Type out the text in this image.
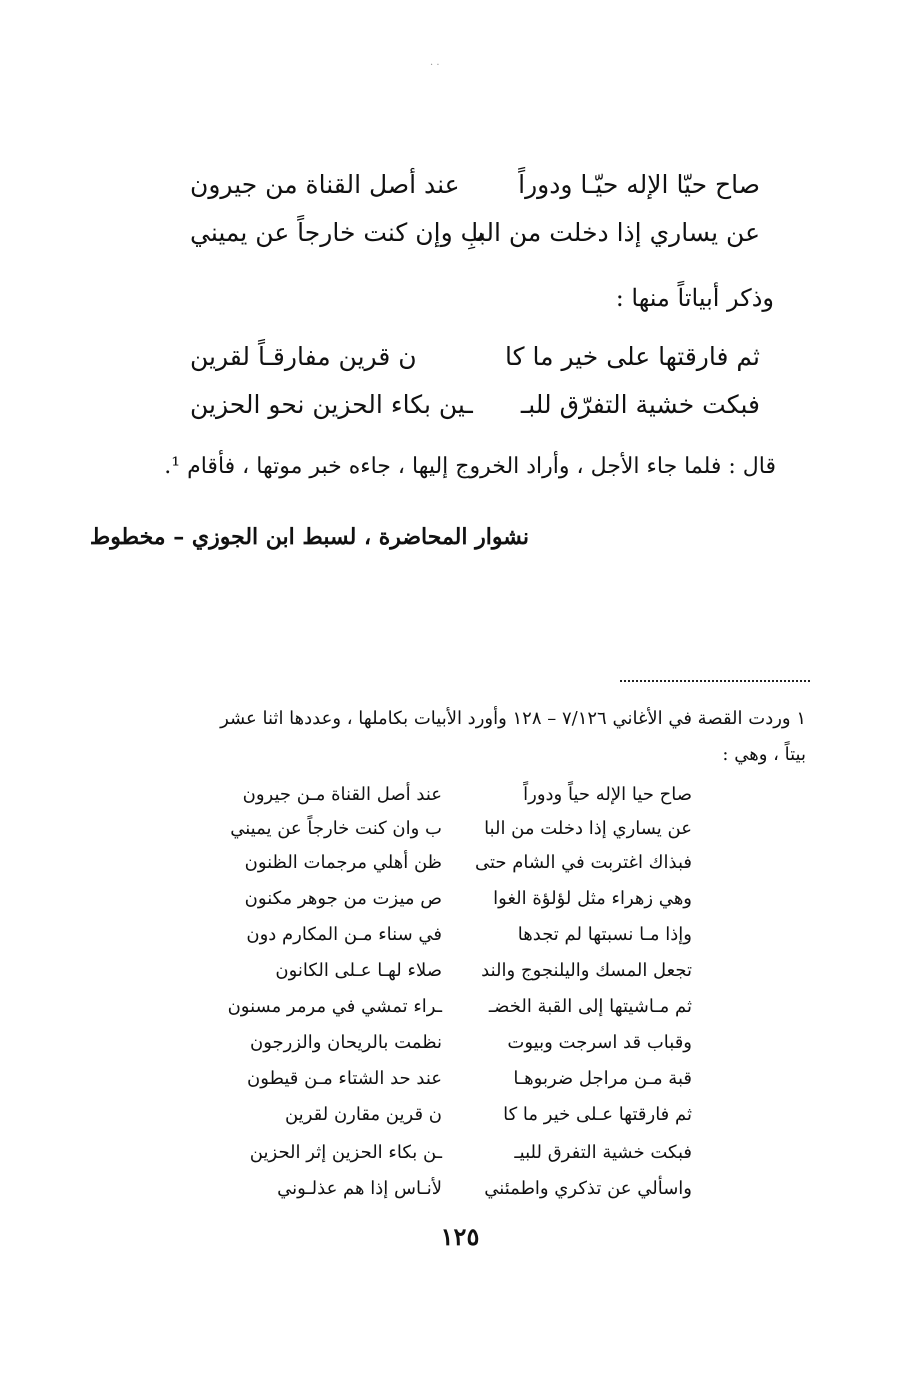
· ·
صاح حيّا الإله حيّـا ودوراً
عند أصل القناة من جيرون
عن يساري إذا دخلت من البا
بِ وإن كنت خارجاً عن يميني
وذكر أبياتاً منها :
ثم فارقتها على خير ما كا
ن قرين مفارقـاً لقرين
فبكت خشية التفرّق للبـ
ـين بكاء الحزين نحو الحزين
قال : فلما جاء الأجل ، وأراد الخروج إليها ، جاءه خبر موتها ، فأقام ¹.
نشوار المحاضرة ، لسبط ابن الجوزي – مخطوط
١ وردت القصة في الأغاني ٧/١٢٦ – ١٢٨ وأورد الأبيات بكاملها ، وعددها اثنا عشر
بيتاً ، وهي :
صاح حيا الإله حياً ودوراً
عند أصل القناة مـن جيرون
عن يساري إذا دخلت من البا
ب وان كنت خارجاً عن يميني
فبذاك اغتربت في الشام حتى
ظن أهلي مرجمات الظنون
وهي زهراء مثل لؤلؤة الغوا
ص ميزت من جوهر مكنون
وإذا مـا نسبتها لم تجدها
في سناء مـن المكارم دون
تجعل المسك واليلنجوج والند
صلاء لهـا عـلى الكانون
ثم مـاشيتها إلى القبة الخضـ
ـراء تمشي في مرمر مسنون
وقباب قد اسرجت وبيوت
نظمت بالريحان والزرجون
قبة مـن مراجل ضربوهـا
عند حد الشتاء مـن قيطون
ثم فارقتها عـلى خير ما كا
ن قرين مقارن لقرين
فبكت خشية التفرق للبيـ
ـن بكاء الحزين إثر الحزين
واسألي عن تذكري واطمئني
لأنـاس إذا هم عذلـوني
١٢٥
